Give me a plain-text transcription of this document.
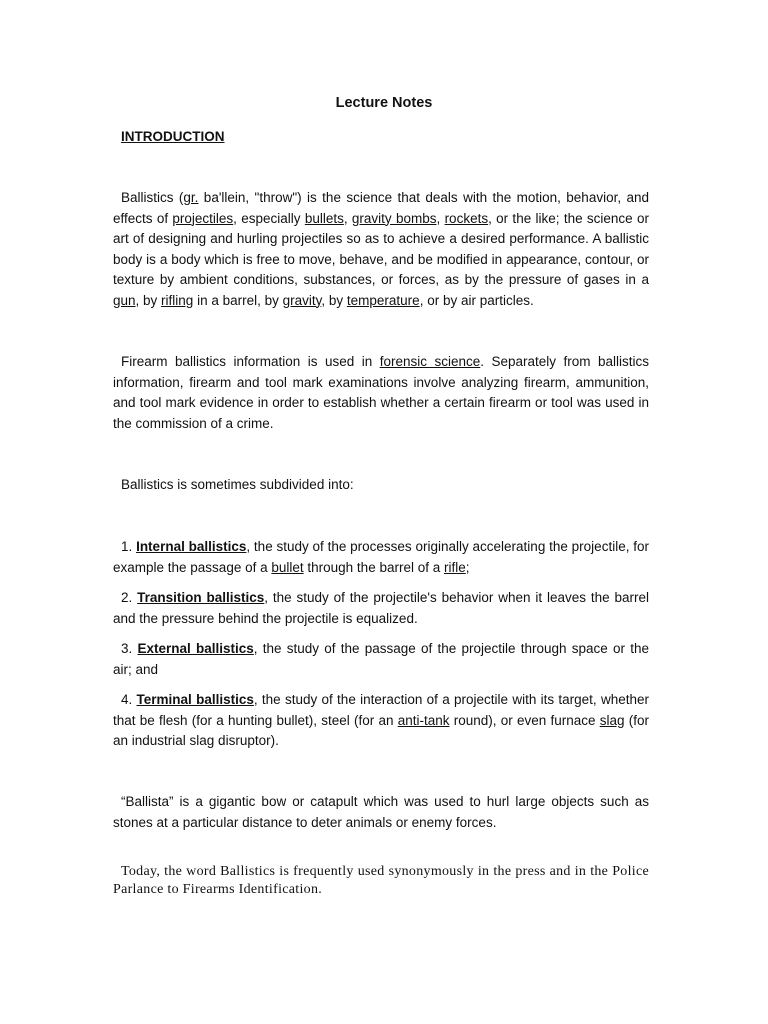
Lecture Notes
INTRODUCTION
Ballistics (gr. ba'llein, "throw") is the science that deals with the motion, behavior, and effects of projectiles, especially bullets, gravity bombs, rockets, or the like; the science or art of designing and hurling projectiles so as to achieve a desired performance. A ballistic body is a body which is free to move, behave, and be modified in appearance, contour, or texture by ambient conditions, substances, or forces, as by the pressure of gases in a gun, by rifling in a barrel, by gravity, by temperature, or by air particles.
Firearm ballistics information is used in forensic science. Separately from ballistics information, firearm and tool mark examinations involve analyzing firearm, ammunition, and tool mark evidence in order to establish whether a certain firearm or tool was used in the commission of a crime.
Ballistics is sometimes subdivided into:
1. Internal ballistics, the study of the processes originally accelerating the projectile, for example the passage of a bullet through the barrel of a rifle;
2. Transition ballistics, the study of the projectile's behavior when it leaves the barrel and the pressure behind the projectile is equalized.
3. External ballistics, the study of the passage of the projectile through space or the air; and
4. Terminal ballistics, the study of the interaction of a projectile with its target, whether that be flesh (for a hunting bullet), steel (for an anti-tank round), or even furnace slag (for an industrial slag disruptor).
“Ballista” is a gigantic bow or catapult which was used to hurl large objects such as stones at a particular distance to deter animals or enemy forces.
Today, the word Ballistics is frequently used synonymously in the press and in the Police Parlance to Firearms Identification.
